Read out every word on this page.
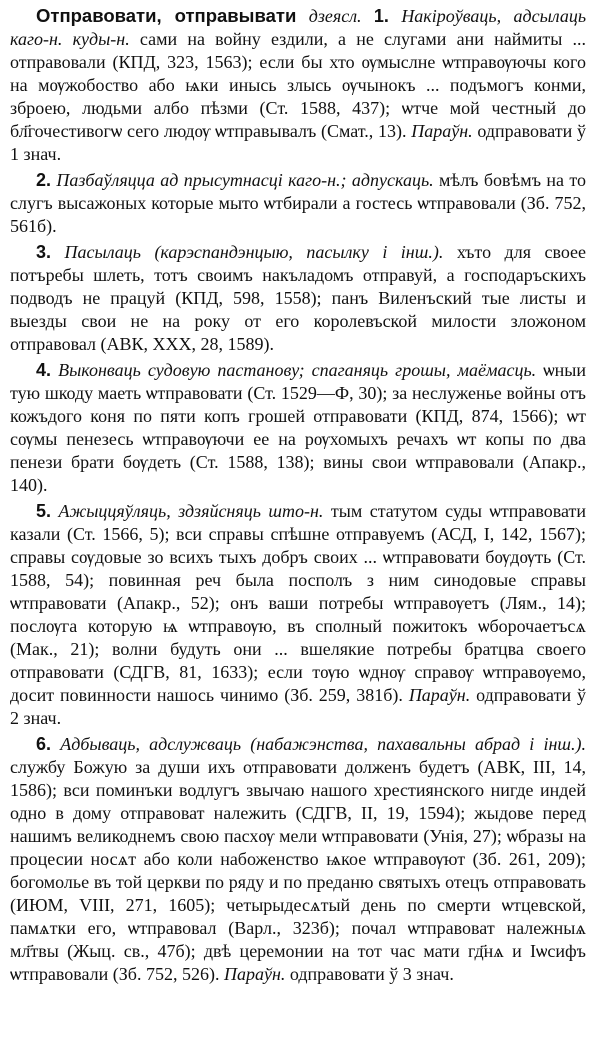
Отправовати, отправывати дзеясл. 1. Накіроўваць, адсылаць каго-н. куды-н. сами на войну ездили, а не слугами ани наймиты ... отправовали (КПД, 323, 1563); если бы хто ѹмыслне ѡтправѹючы кого на мѹжобоство або ѩки инысь злысь ѹчынокъ ... подъмогъ конми, зброею, людьми албо пѣзми (Ст. 1588, 437); ѡтче мой честный до бл҃гочестивогѡ сего людѹ ѡтправывалъ (Смат., 13). Параўн. одправовати ў 1 знач.

2. Пазбаўляцца ад прысутнасці каго-н.; адпускаць. мѣлъ бовѣмъ на то слугъ высажоных которые мыто ѡтбирали а гостесь ѡтправовали (Зб. 752, 561б).

3. Пасылаць (карэспандэнцыю, пасылку і інш.). хъто для своее потъребы шлеть, тотъ своимъ накъладомъ отправуй, а господаръскихъ подводъ не працуй (КПД, 598, 1558); панъ Виленъский тые листы и выезды свои не на року от его королевъской милости зложоном отправовал (АВК, XXX, 28, 1589).

4. Выконваць судовую пастанову; спаганяць грошы, маёмасць. ѡныи тую шкоду маеть ѡтправовати (Ст. 1529—Ф, 30); за неслуженье войны отъ кожъдого коня по пяти копъ грошей отправовати (КПД, 874, 1566); ѡт сѹмы пенезесь ѡтправѹючи ее на рѹхомыхъ речахъ ѡт копы по два пенези брати бѹдеть (Ст. 1588, 138); вины свои ѡтправовали (Апакр., 140).

5. Ажыццяўляць, здзяйсняць што-н. тым статутом суды ѡтправовати казали (Ст. 1566, 5); вси справы спѣшне отправуемъ (АСД, I, 142, 1567); справы сѹдовые зо всихъ тыхъ добръ своих ... ѡтправовати бѹдѹть (Ст. 1588, 54); повинная реч была посполъ з ним синодовые справы ѡтправовати (Апакр., 52); онъ ваши потребы ѡтправѹетъ (Лям., 14); послѹга которую ѩ ѡтправѹю, въ сполный пожитокъ ѡборочаетъсѧ (Мак., 21); волни будуть они ... вшелякие потребы братцва своего отправовати (СДГВ, 81, 1633); если тѹю ѡднѹ справѹ ѡтправѹемо, досит повинности нашось чинимо (Зб. 259, 381б). Параўн. одправовати ў 2 знач.

6. Адбываць, адслужваць (набажэнства, пахавальны абрад і інш.). службу Божую за души ихъ отправовати долженъ будетъ (АВК, III, 14, 1586); вси поминъки водлугъ звычаю нашого хрестиянского нигде индей одно в дому отправоват належить (СДГВ, II, 19, 1594); жыдове перед нашимъ великоднемъ свою пасхѹ мели ѡтправовати (Унія, 27); ѡбразы на процесии носѧт або коли набоженство ѩкое ѡтправѹют (Зб. 261, 209); богомолье въ той церкви по ряду и по преданю святыхъ отецъ отправовать (ИЮМ, VIII, 271, 1605); четырыдесѧтый день по смерти ѡтцевской, памѧтки его, ѡтправовал (Варл., 323б); почал ѡтправоват належныѧ мл҃твы (Жыц. св., 47б); двѣ церемонии на тот час мати гд҃нѧ и Іѡсифъ ѡтправовали (Зб. 752, 526). Параўн. одправовати ў 3 знач.
